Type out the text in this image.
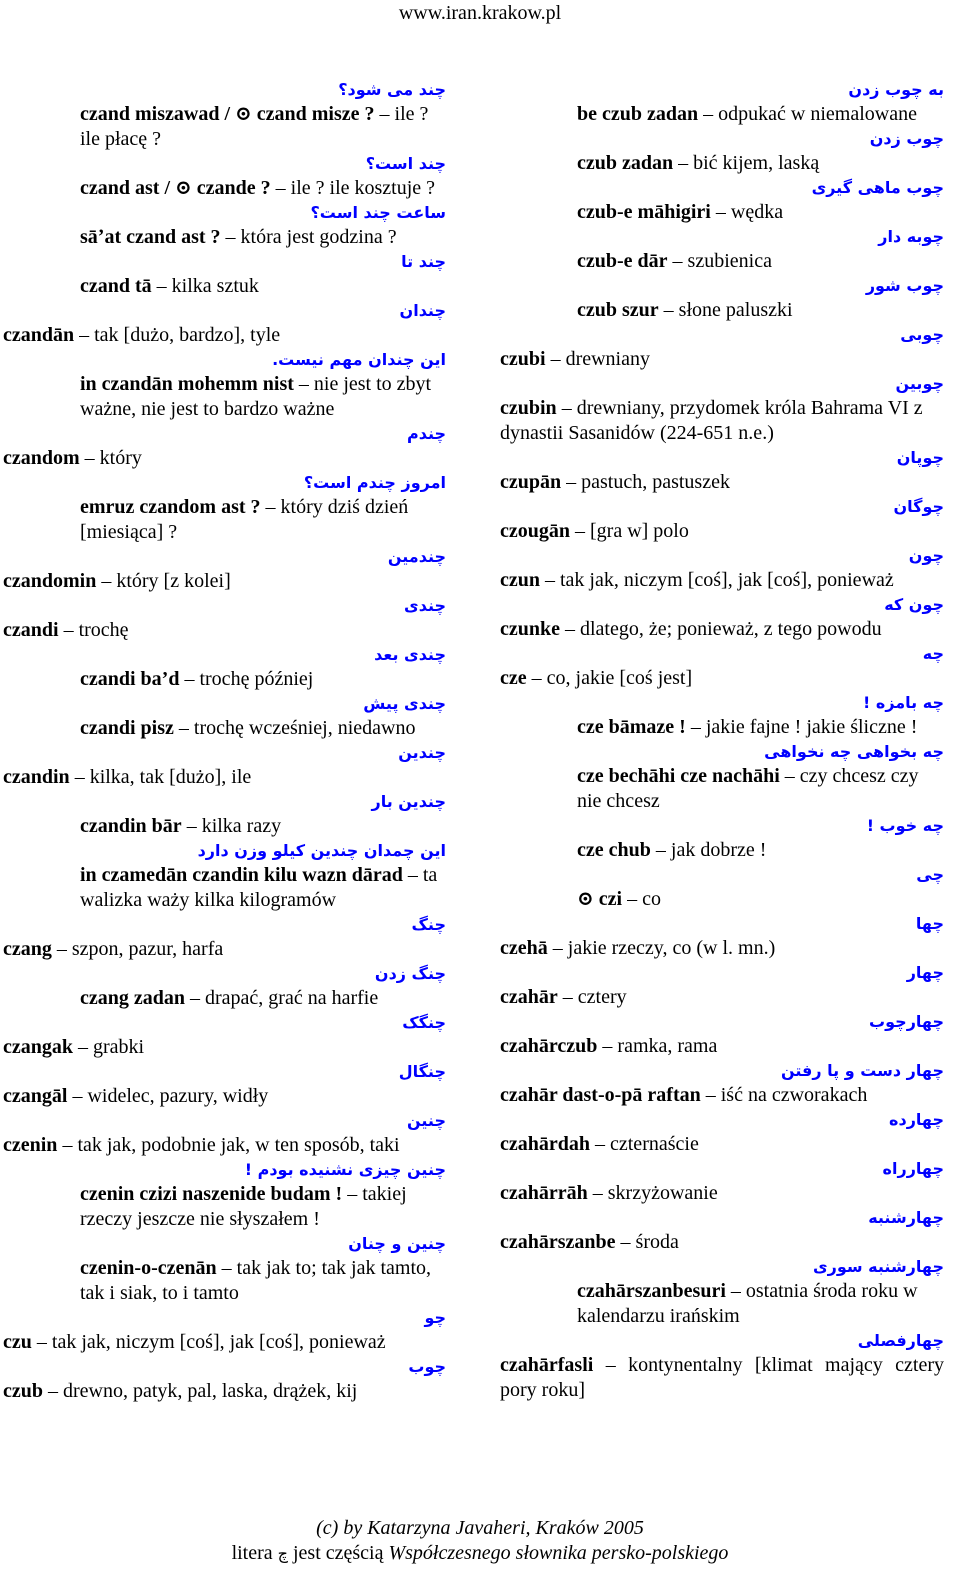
www.iran.krakow.pl
چند می شود؟
czand miszawad / ⊙ czand misze ? – ile ? ile płacę ?
چند است؟
czand ast / ⊙ czande ? – ile ? ile kosztuje ?
ساعت چند است؟
sāʼat czand ast ? – która jest godzina ?
چند تا
czand tā – kilka sztuk
چندان
czandān – tak [dużo, bardzo], tyle
این چندان مهم نیست.
in czandān mohemm nist – nie jest to zbyt ważne, nie jest to bardzo ważne
چندم
czandom – który
امروز چندم است؟
emruz czandom ast ? – który dziś dzień [miesiąca] ?
چندمین
czandomin – który [z kolei]
چندی
czandi – trochę
چندی بعد
czandi ba’d – trochę później
چندی پیش
czandi pisz – trochę wcześniej, niedawno
چندین
czandin – kilka, tak [dużo], ile
چندین بار
czandin bār – kilka razy
این چمدان چندین کیلو وزن دارد
in czamedān czandin kilu wazn dārad – ta walizka waży kilka kilogramów
چنگ
czang – szpon, pazur, harfa
چنگ زدن
czang zadan – drapać, grać na harfie
چنگک
czangak – grabki
چنگال
czangāl – widelec, pazury, widły
چنین
czenin – tak jak, podobnie jak, w ten sposób, taki
چنین چیزی نشنیده بودم !
czenin czizi naszenide budam ! – takiej rzeczy jeszcze nie słyszałem !
چنین و چنان
czenin-o-czenān – tak jak to; tak jak tamto, tak i siak, to i tamto
چو
czu – tak jak, niczym [coś], jak [coś], ponieważ
چوب
czub – drewno, patyk, pal, laska, drążek, kij
به چوب زدن
be czub zadan – odpukać w niemalowane
چوب زدن
czub zadan – bić kijem, laską
چوب ماهی گیری
czub-e māhigiri – wędka
چوبه دار
czub-e dār – szubienica
چوب شور
czub szur – słone paluszki
چوبی
czubi – drewniany
چوبین
czubin – drewniany, przydomek króla Bahrama VI z dynastii Sasanidów (224-651 n.e.)
چوپان
czupān – pastuch, pastuszek
چوگان
czougān – [gra w] polo
چون
czun – tak jak, niczym [coś], jak [coś], ponieważ
چون که
czunke – dlatego, że; ponieważ, z tego powodu
چه
cze – co, jakie [coś jest]
چه بامزه !
cze bāmaze ! – jakie fajne ! jakie śliczne !
چه بخواهی چه نخواهی
cze bechāhi cze nachāhi – czy chcesz czy nie chcesz
چه خوب !
cze chub – jak dobrze !
چی
⊙ czi – co
چها
czehā – jakie rzeczy, co (w l. mn.)
چهار
czahār – cztery
چهارچوب
czahārczub – ramka, rama
چهار دست و پا رفتن
czahār dast-o-pā raftan – iść na czworakach
چهارده
czahārdah – czternaście
چهارراه
czahārrāh – skrzyżowanie
چهارشنبه
czahārszanbe – środa
چهارشنبه سوری
czahārszanbesuri – ostatnia środa roku w kalendarzu irańskim
چهارفصلی
czahārfasli – kontynentalny [klimat mający cztery pory roku]
(c) by Katarzyna Javaheri, Kraków 2005
litera چ jest częścią Współczesnego słownika persko-polskiego
